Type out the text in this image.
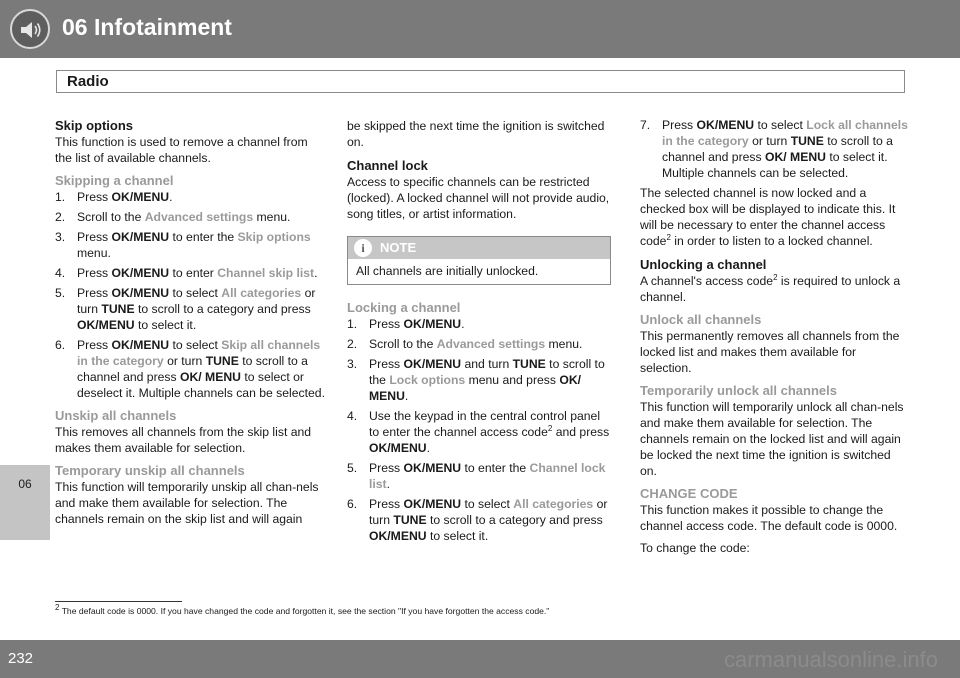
06 Infotainment
Radio
06
Skip options

This function is used to remove a channel from the list of available channels.

Skipping a channel
1. Press OK/MENU.
2. Scroll to the Advanced settings menu.
3. Press OK/MENU to enter the Skip options menu.
4. Press OK/MENU to enter Channel skip list.
5. Press OK/MENU to select All categories or turn TUNE to scroll to a category and press OK/MENU to select it.
6. Press OK/MENU to select Skip all channels in the category or turn TUNE to scroll to a channel and press OK/ MENU to select or deselect it. Multiple channels can be selected.
Unskip all channels

This removes all channels from the skip list and makes them available for selection.

Temporary unskip all channels

This function will temporarily unskip all chan-nels and make them available for selection. The channels remain on the skip list and will again

be skipped the next time the ignition is switched on.

Channel lock

Access to specific channels can be restricted (locked). A locked channel will not provide audio, song titles, or artist information.

i	NOTE
All channels are initially unlocked.
Locking a channel
1. Press OK/MENU.
2. Scroll to the Advanced settings menu.
3. Press OK/MENU and turn TUNE to scroll to the Lock options menu and press OK/ MENU.
4. Use the keypad in the central control panel to enter the channel access code$^2$ and press OK/MENU.
5. Press OK/MENU to enter the Channel lock list.
6. Press OK/MENU to select All categories or turn TUNE to scroll to a category and press OK/MENU to select it.
7. Press OK/MENU to select Lock all channels in the category or turn TUNE to scroll to a channel and press OK/ MENU to select it. Multiple channels can be selected.

The selected channel is now locked and a checked box will be displayed to indicate this. It will be necessary to enter the channel access code$^2$ in order to listen to a locked channel.

Unlocking a channel

A channel's access code$^2$ is required to unlock a channel.

Unlock all channels

This permanently removes all channels from the locked list and makes them available for selection.

Temporarily unlock all channels

This function will temporarily unlock all chan-nels and make them available for selection. The channels remain on the locked list and will again be locked the next time the ignition is switched on.

CHANGE CODE

This function makes it possible to change the channel access code. The default code is 0000.

To change the code:

$^2$ The default code is 0000. If you have changed the code and forgotten it, see the section "If you have forgotten the access code."
232	carmanualsonline.info
